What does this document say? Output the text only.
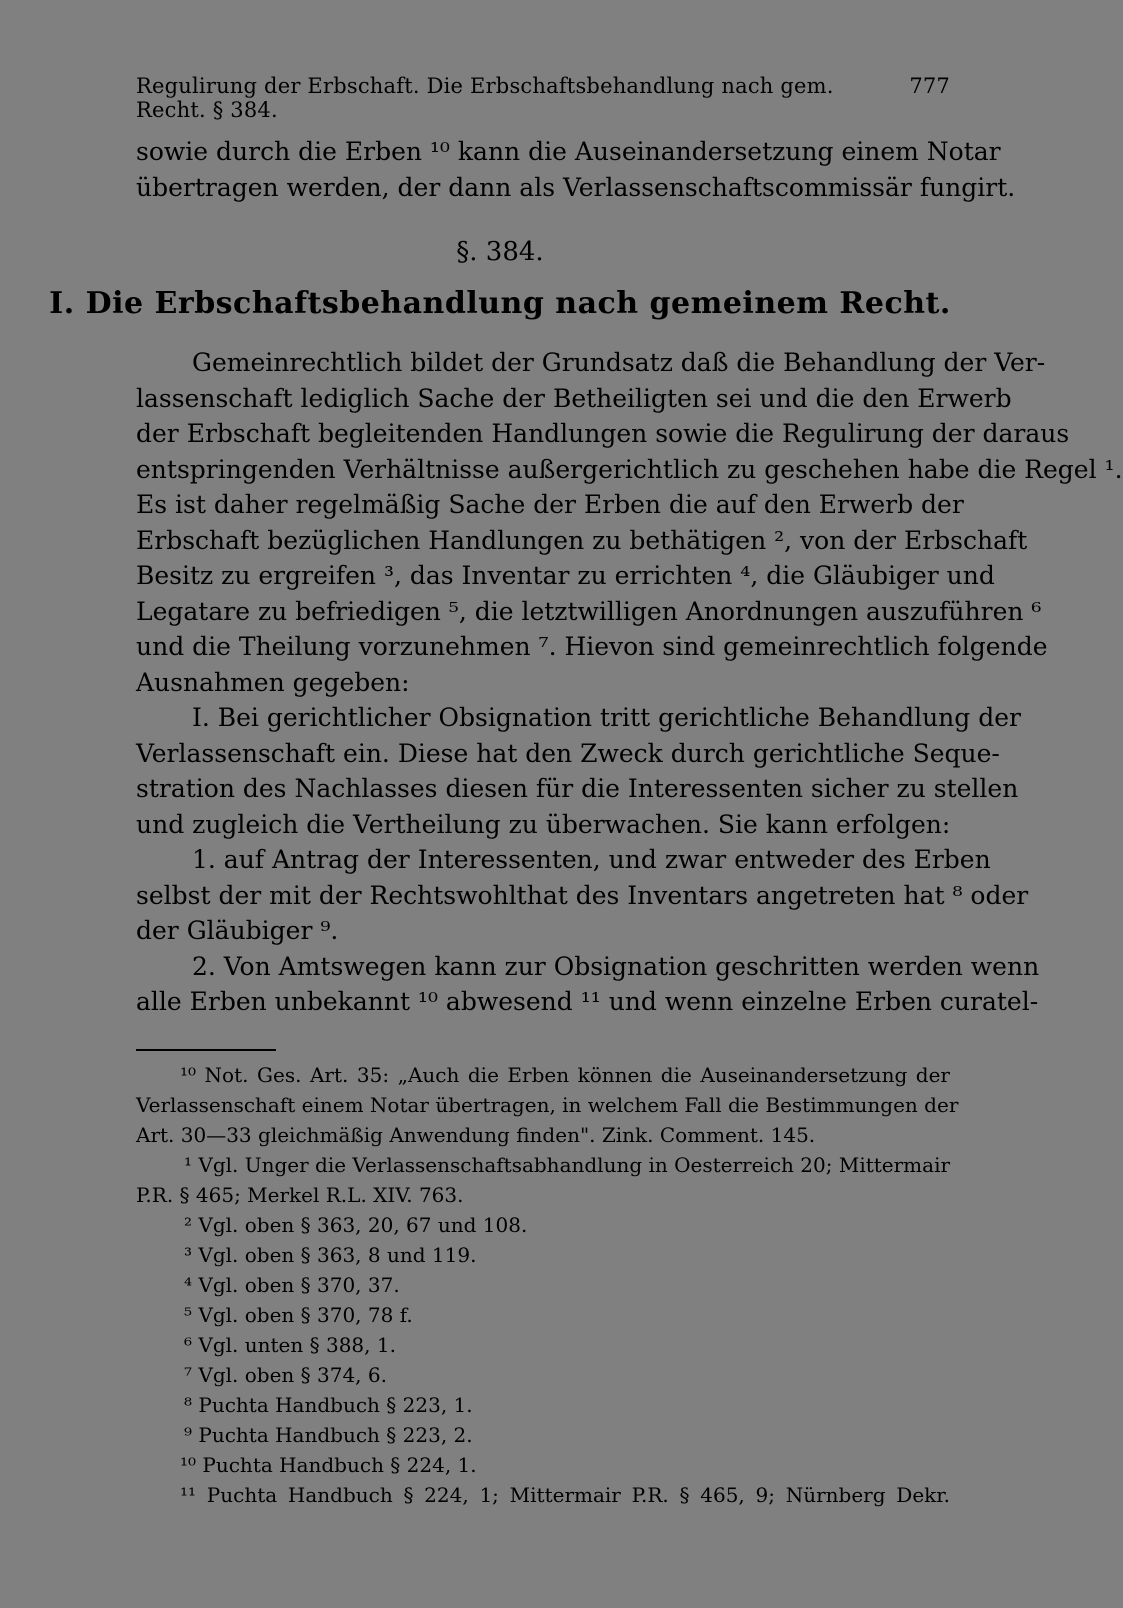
Regulirung der Erbschaft. Die Erbschaftsbehandlung nach gem. Recht. § 384.
777
sowie durch die Erben ¹⁰ kann die Auseinandersetzung einem Notar
übertragen werden, der dann als Verlassenschaftscommissär fungirt.
§. 384.
I. Die Erbschaftsbehandlung nach gemeinem Recht.
Gemeinrechtlich bildet der Grundsatz daß die Behandlung der Ver-
lassenschaft lediglich Sache der Betheiligten sei und die den Erwerb
der Erbschaft begleitenden Handlungen sowie die Regulirung der daraus
entspringenden Verhältnisse außergerichtlich zu geschehen habe die Regel ¹.
Es ist daher regelmäßig Sache der Erben die auf den Erwerb der
Erbschaft bezüglichen Handlungen zu bethätigen ², von der Erbschaft
Besitz zu ergreifen ³, das Inventar zu errichten ⁴, die Gläubiger und
Legatare zu befriedigen ⁵, die letztwilligen Anordnungen auszuführen ⁶
und die Theilung vorzunehmen ⁷. Hievon sind gemeinrechtlich folgende
Ausnahmen gegeben:
I. Bei gerichtlicher Obsignation tritt gerichtliche Behandlung der
Verlassenschaft ein. Diese hat den Zweck durch gerichtliche Seque-
stration des Nachlasses diesen für die Interessenten sicher zu stellen
und zugleich die Vertheilung zu überwachen. Sie kann erfolgen:
1. auf Antrag der Interessenten, und zwar entweder des Erben
selbst der mit der Rechtswohlthat des Inventars angetreten hat ⁸ oder
der Gläubiger ⁹.
2. Von Amtswegen kann zur Obsignation geschritten werden wenn
alle Erben unbekannt ¹⁰ abwesend ¹¹ und wenn einzelne Erben curatel-
¹⁰ Not. Ges. Art. 35: „Auch die Erben können die Auseinandersetzung der
Verlassenschaft einem Notar übertragen, in welchem Fall die Bestimmungen der
Art. 30—33 gleichmäßig Anwendung finden". Zink. Comment. 145.
¹ Vgl. Unger die Verlassenschaftsabhandlung in Oesterreich 20; Mittermair
P.R. § 465; Merkel R.L. XIV. 763.
² Vgl. oben § 363, 20, 67 und 108.
³ Vgl. oben § 363, 8 und 119.
⁴ Vgl. oben § 370, 37.
⁵ Vgl. oben § 370, 78 f.
⁶ Vgl. unten § 388, 1.
⁷ Vgl. oben § 374, 6.
⁸ Puchta Handbuch § 223, 1.
⁹ Puchta Handbuch § 223, 2.
¹⁰ Puchta Handbuch § 224, 1.
¹¹ Puchta Handbuch § 224, 1; Mittermair P.R. § 465, 9; Nürnberg Dekr.
